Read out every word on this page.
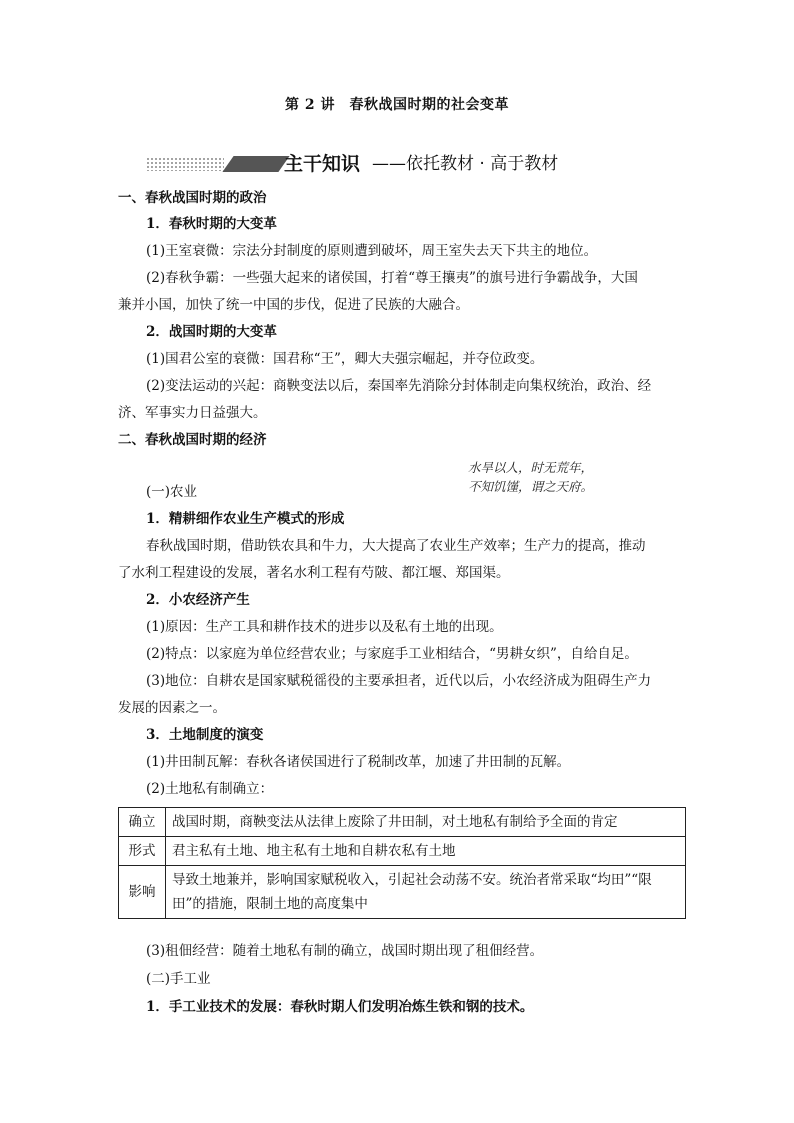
第 2 讲　春秋战国时期的社会变革
主干知识 ——依托教材 · 高于教材
一、春秋战国时期的政治
1．春秋时期的大变革
(1)王室衰微：宗法分封制度的原则遭到破坏，周王室失去天下共主的地位。
(2)春秋争霸：一些强大起来的诸侯国，打着“尊王攘夷”的旗号进行争霸战争，大国
兼并小国，加快了统一中国的步伐，促进了民族的大融合。
2．战国时期的大变革
(1)国君公室的衰微：国君称“王”，卿大夫强宗崛起，并夺位政变。
(2)变法运动的兴起：商鞅变法以后，秦国率先消除分封体制走向集权统治，政治、经
济、军事实力日益强大。
二、春秋战国时期的经济
水旱以人，时无荒年，
不知饥馑，谓之天府。
(一)农业
1．精耕细作农业生产模式的形成
春秋战国时期，借助铁农具和牛力，大大提高了农业生产效率；生产力的提高，推动
了水利工程建设的发展，著名水利工程有芍陂、都江堰、郑国渠。
2．小农经济产生
(1)原因：生产工具和耕作技术的进步以及私有土地的出现。
(2)特点：以家庭为单位经营农业；与家庭手工业相结合，“男耕女织”，自给自足。
(3)地位：自耕农是国家赋税徭役的主要承担者，近代以后，小农经济成为阻碍生产力
发展的因素之一。
3．土地制度的演变
(1)井田制瓦解：春秋各诸侯国进行了税制改革，加速了井田制的瓦解。
(2)土地私有制确立：
确立	战国时期，商鞅变法从法律上废除了井田制，对土地私有制给予全面的肯定
形式	君主私有土地、地主私有土地和自耕农私有土地
影响	导致土地兼并，影响国家赋税收入，引起社会动荡不安。统治者常采取“均田”“限田”的措施，限制土地的高度集中
(3)租佃经营：随着土地私有制的确立，战国时期出现了租佃经营。
(二)手工业
1．手工业技术的发展：春秋时期人们发明冶炼生铁和钢的技术。
